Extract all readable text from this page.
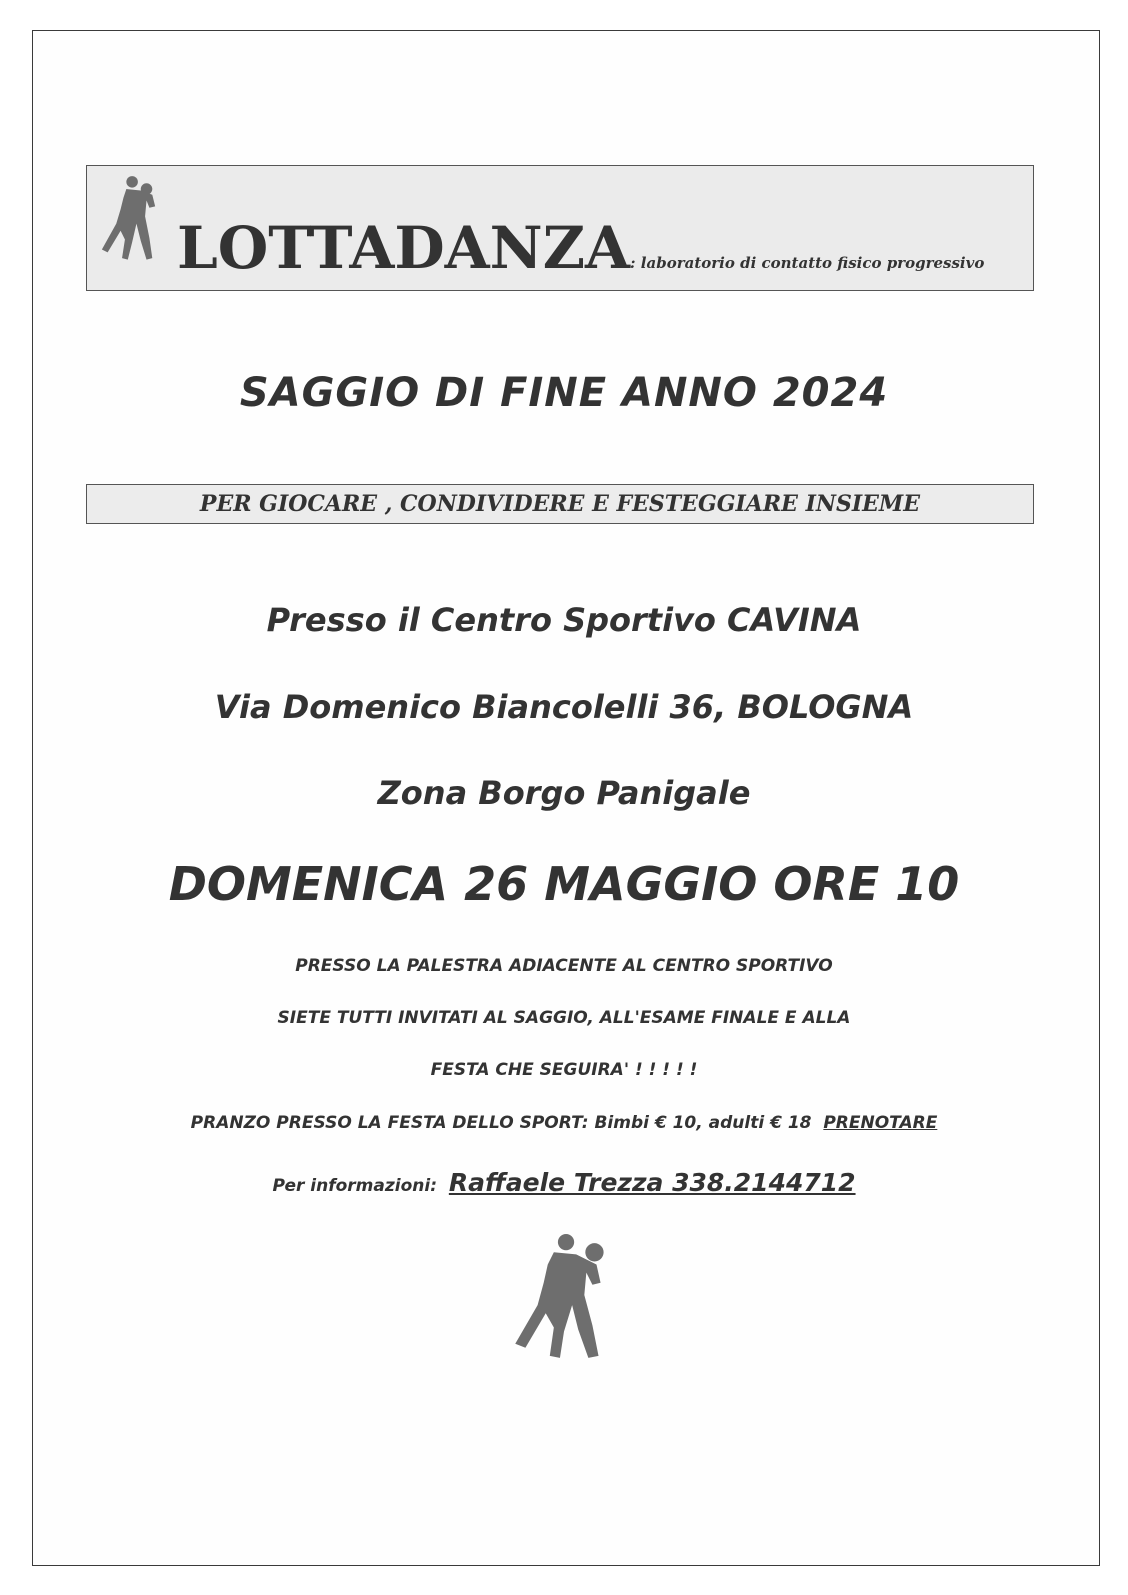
LOTTADANZA: laboratorio di contatto fisico progressivo
SAGGIO DI FINE ANNO 2024
PER GIOCARE , CONDIVIDERE E FESTEGGIARE INSIEME
Presso il Centro Sportivo CAVINA
Via Domenico Biancolelli 36, BOLOGNA
Zona Borgo Panigale
DOMENICA 26 MAGGIO ORE 10
PRESSO LA PALESTRA ADIACENTE AL CENTRO SPORTIVO
SIETE TUTTI INVITATI AL SAGGIO, ALL'ESAME FINALE E ALLA
FESTA CHE SEGUIRA' ! ! ! ! !
PRANZO PRESSO LA FESTA DELLO SPORT: Bimbi € 10, adulti € 18 PRENOTARE
Per informazioni: Raffaele Trezza 338.2144712
